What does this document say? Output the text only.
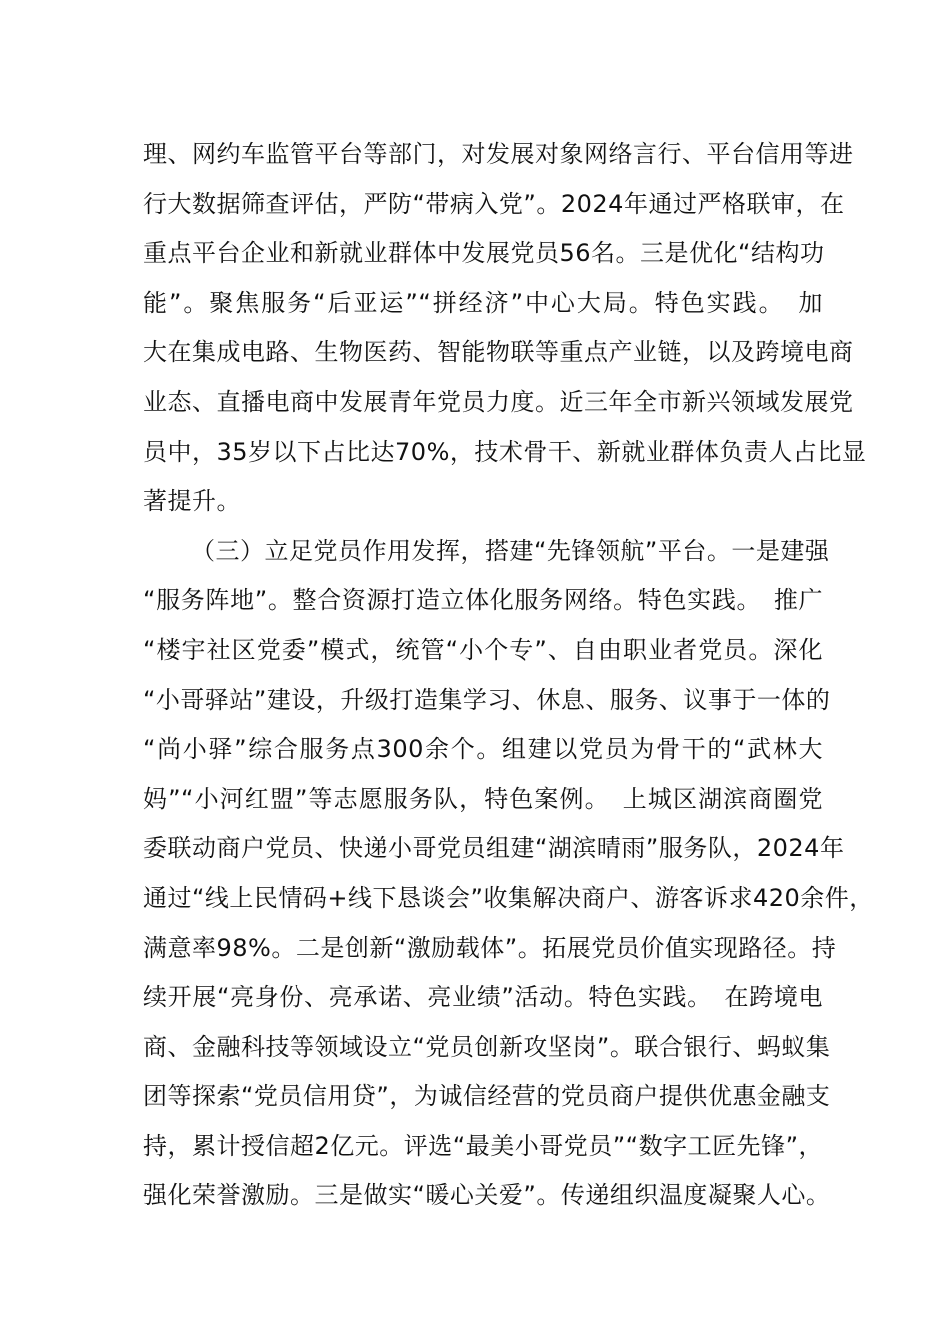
理、网约车监管平台等部门，对发展对象网络言行、平台信用等进
行大数据筛查评估，严防“带病入党”。2024年通过严格联审，在
重点平台企业和新就业群体中发展党员56名。三是优化“结构功
能”。聚焦服务“后亚运”“拼经济”中心大局。特色实践。　加
大在集成电路、生物医药、智能物联等重点产业链，以及跨境电商
业态、直播电商中发展青年党员力度。近三年全市新兴领域发展党
员中，35岁以下占比达70%，技术骨干、新就业群体负责人占比显
著提升。
（三）立足党员作用发挥，搭建“先锋领航”平台。一是建强
“服务阵地”。整合资源打造立体化服务网络。特色实践。　推广
“楼宇社区党委”模式，统管“小个专”、自由职业者党员。深化
“小哥驿站”建设，升级打造集学习、休息、服务、议事于一体的
“尚小驿”综合服务点300余个。组建以党员为骨干的“武林大
妈”“小河红盟”等志愿服务队，特色案例。　上城区湖滨商圈党
委联动商户党员、快递小哥党员组建“湖滨晴雨”服务队，2024年
通过“线上民情码+线下恳谈会”收集解决商户、游客诉求420余件，
满意率98%。二是创新“激励载体”。拓展党员价值实现路径。持
续开展“亮身份、亮承诺、亮业绩”活动。特色实践。　在跨境电
商、金融科技等领域设立“党员创新攻坚岗”。联合银行、蚂蚁集
团等探索“党员信用贷”，为诚信经营的党员商户提供优惠金融支
持，累计授信超2亿元。评选“最美小哥党员”“数字工匠先锋”，
强化荣誉激励。三是做实“暖心关爱”。传递组织温度凝聚人心。
